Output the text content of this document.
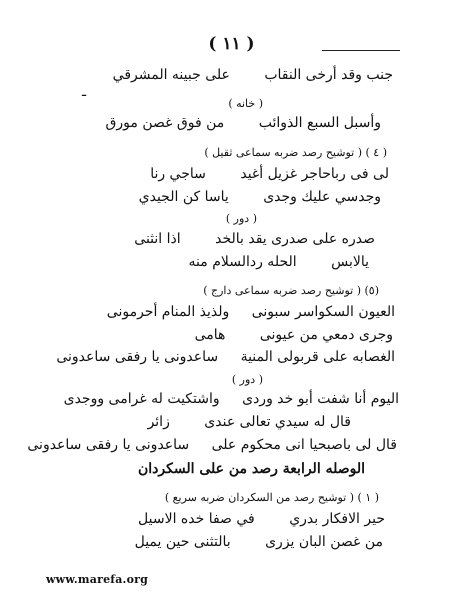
( ١١ )
ـ
جنب وقد أرخى النقاب على جبينه المشرقي
( خانه )
وأسبل السبع الذوائب من فوق غصن مورق
( ٤ ) ( توشيح رصد ضربه سماعى ثقيل )
لى فى رباحاجر غزيل أغيد ساجي رنا
وجدسي عليك وجدى ياسا كن الجيدي
( دور )
صدره على صدرى يقد بالخد اذا انثنى
يالابس الحله ردالسلام منه
(٥) ( توشيح رصد ضربه سماعى دارج )
العيون السكواسر سبونى ولذيذ المنام أحرمونى
وجرى دمعي من عيونى هامى
الغصابه على قربولى المنية ساعدونى يا رفقى ساعدونى
( دور )
اليوم أنا شفت أبو خد وردى واشتكيت له غرامى ووجدى
قال له سيدي تعالى عندى زائر
قال لى باصبحيا انى محكوم على ساعدونى يا رفقى ساعدونى
الوصله الرابعة رصد من على السكردان
( ١ ) ( توشيح رصد من السكردان ضربه سريع )
حير الافكار بدري في صفا خده الاسيل
من غصن البان يزرى بالتثنى حين يميل
www.marefa.org
